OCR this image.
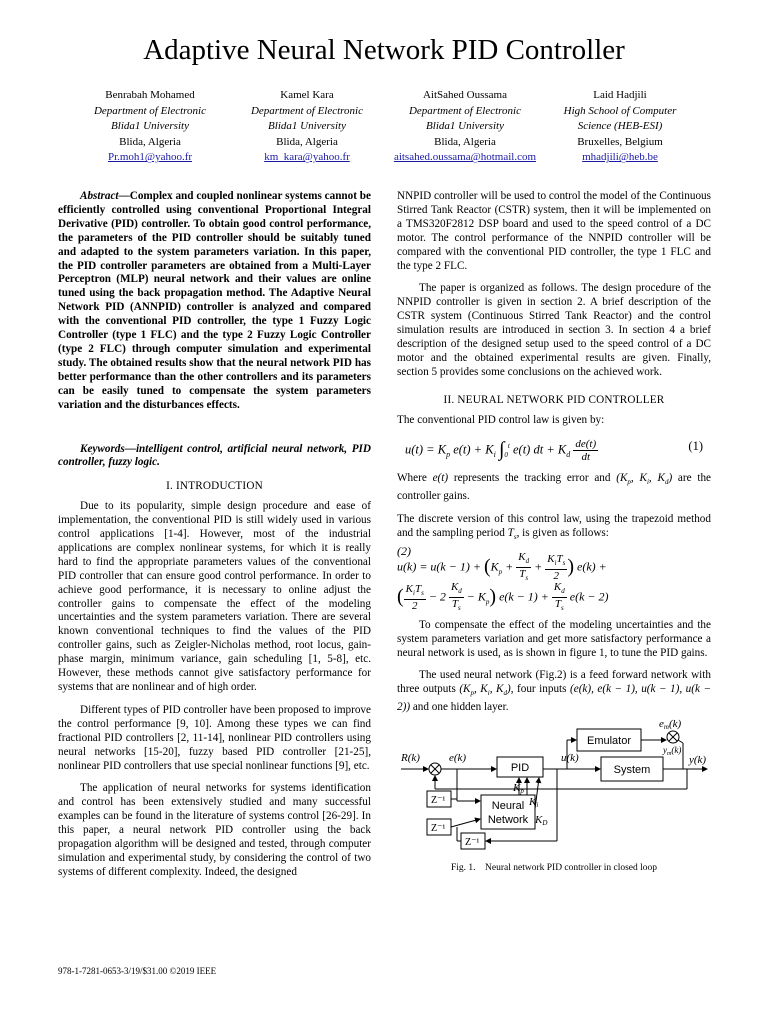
Adaptive Neural Network PID Controller
Benrabah Mohamed
Department of Electronic
Blida1 University
Blida, Algeria
Pr.moh1@yahoo.fr
Kamel Kara
Department of Electronic
Blida1 University
Blida, Algeria
km_kara@yahoo.fr
AitSahed Oussama
Department of Electronic
Blida1 University
Blida, Algeria
aitsahed.oussama@hotmail.com
Laid Hadjili
High School of Computer
Science (HEB-ESI)
Bruxelles, Belgium
mhadjili@heb.be

Abstract—Complex and coupled nonlinear systems cannot be efficiently controlled using conventional Proportional Integral Derivative (PID) controller. To obtain good control performance, the parameters of the PID controller should be suitably tuned and adapted to the system parameters variation. In this paper, the PID controller parameters are obtained from a Multi-Layer Perceptron (MLP) neural network and their values are online tuned using the back propagation method. The Adaptive Neural Network PID (ANNPID) controller is analyzed and compared with the conventional PID controller, the type 1 Fuzzy Logic Controller (type 1 FLC) and the type 2 Fuzzy Logic Controller (type 2 FLC) through computer simulation and experimental study. The obtained results show that the neural network PID has better performance than the other controllers and its parameters can be easily tuned to compensate the system parameters variation and the disturbances effects.

Keywords—intelligent control, artificial neural network, PID controller, fuzzy logic.

I. INTRODUCTION

Due to its popularity, simple design procedure and ease of implementation, the conventional PID is still widely used in various control applications [1-4]. However, most of the industrial applications are complex nonlinear systems, for which it is really hard to find the appropriate parameters values of the conventional PID controller that can ensure good control performance. In order to achieve good performance, it is necessary to online adjust the controller gains to compensate the effect of the modeling uncertainties and the system parameters variation. There are several known conventional techniques to find the values of the PID controller gains, such as Zeigler-Nicholas method, root locus, gain-phase margin, minimum variance, gain scheduling [1, 5-8], etc. However, these methods cannot give satisfactory performance for systems that are nonlinear and of high order.

Different types of PID controller have been proposed to improve the control performance [9, 10]. Among these types we can find fractional PID controllers [2, 11-14], nonlinear PID controllers using neural networks [15-20], fuzzy based PID controller [21-25], nonlinear PID controllers that use special nonlinear functions [9], etc.

The application of neural networks for systems identification and control has been extensively studied and many successful examples can be found in the literature of systems control [26-29]. In this paper, a neural network PID controller using the back propagation algorithm will be designed and tested, through computer simulation and experimental study, by considering the control of two systems of different complexity. Indeed, the designed

NNPID controller will be used to control the model of the Continuous Stirred Tank Reactor (CSTR) system, then it will be implemented on a TMS320F2812 DSP board and used to the speed control of a DC motor. The control performance of the NNPID controller will be compared with the conventional PID controller, the type 1 FLC and the type 2 FLC.

The paper is organized as follows. The design procedure of the NNPID controller is given in section 2. A brief description of the CSTR system (Continuous Stirred Tank Reactor) and the control simulation results are introduced in section 3. In section 4 a brief description of the designed setup used to the speed control of a DC motor and the obtained experimental results are given. Finally, section 5 provides some conclusions on the achieved work.

II. NEURAL NETWORK PID CONTROLLER

The conventional PID control law is given by:

$u(t) = K_p$ $e(t) + K_i$ $\int_0^t$ e(t) dt + $K_d \frac{de(t)}{dt}$	(1)

Where e(t) represents the tracking error and ($K_p$, $K_i$, $K_d$) are the controller gains.

The discrete version of this control law, using the trapezoid method and the sampling period $T_s$, is given as follows:

$u(k) = u(k - 1) + (K_p + \frac{K_d}{T_s} + \frac{K_iT_s}{2}$ ) e(k) +
( $\frac{K_iT_s}{2} - 2 \frac{K_d}{T_s} - K_p$) $e(k - 1) + \frac{K_d}{T_s} e(k - 2)$
(2)

To compensate the effect of the modeling uncertainties and the system parameters variation and get more satisfactory performance a neural network is used, as is shown in figure 1, to tune the PID gains.

The used neural network (Fig.2) is a feed forward network with three outputs ($K_p$, $K_i$, $K_d$), four inputs (e(k), e(k − 1), u(k − 1), u(k − 2)) and one hidden layer.

Emulator
PID	System
Neural
Network
R(k)	e(k)	u(k)	y(k)
em(k)
$y_m(k)$
Kp
Ki
KD
Z⁻¹
Z⁻¹
Z⁻¹
Fig. 1. Neural network PID controller in closed loop
978-1-7281-0653-3/19/$31.00 ©2019 IEEE
